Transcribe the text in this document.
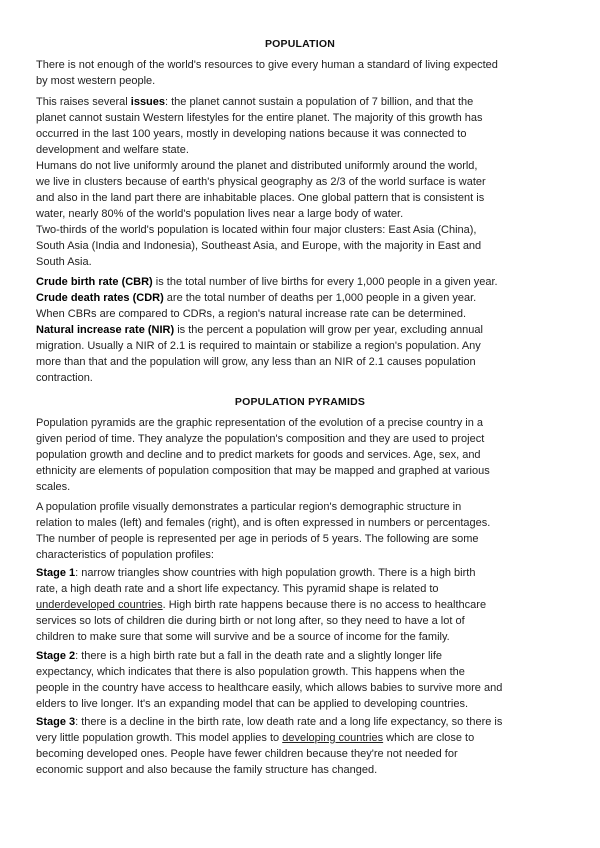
POPULATION
There is not enough of the world's resources to give every human a standard of living expected
by most western people.
This raises several issues: the planet cannot sustain a population of 7 billion, and that the
planet cannot sustain Western lifestyles for the entire planet. The majority of this growth has
occurred in the last 100 years, mostly in developing nations because it was connected to
development and welfare state.
Humans do not live uniformly around the planet and distributed uniformly around the world,
we live in clusters because of earth's physical geography as 2/3 of the world surface is water
and also in the land part there are inhabitable places. One global pattern that is consistent is
water, nearly 80% of the world's population lives near a large body of water.
Two-thirds of the world's population is located within four major clusters: East Asia (China),
South Asia (India and Indonesia), Southeast Asia, and Europe, with the majority in East and
South Asia.
Crude birth rate (CBR) is the total number of live births for every 1,000 people in a given year.
Crude death rates (CDR) are the total number of deaths per 1,000 people in a given year.
When CBRs are compared to CDRs, a region's natural increase rate can be determined.
Natural increase rate (NIR) is the percent a population will grow per year, excluding annual
migration. Usually a NIR of 2.1 is required to maintain or stabilize a region's population. Any
more than that and the population will grow, any less than an NIR of 2.1 causes population
contraction.
POPULATION PYRAMIDS
Population pyramids are the graphic representation of the evolution of a precise country in a
given period of time. They analyze the population's composition and they are used to project
population growth and decline and to predict markets for goods and services. Age, sex, and
ethnicity are elements of population composition that may be mapped and graphed at various
scales.
A population profile visually demonstrates a particular region's demographic structure in
relation to males (left) and females (right), and is often expressed in numbers or percentages.
The number of people is represented per age in periods of 5 years. The following are some
characteristics of population profiles:
Stage 1: narrow triangles show countries with high population growth. There is a high birth
rate, a high death rate and a short life expectancy. This pyramid shape is related to
underdeveloped countries. High birth rate happens because there is no access to healthcare
services so lots of children die during birth or not long after, so they need to have a lot of
children to make sure that some will survive and be a source of income for the family.
Stage 2: there is a high birth rate but a fall in the death rate and a slightly longer life
expectancy, which indicates that there is also population growth. This happens when the
people in the country have access to healthcare easily, which allows babies to survive more and
elders to live longer. It's an expanding model that can be applied to developing countries.
Stage 3: there is a decline in the birth rate, low death rate and a long life expectancy, so there is
very little population growth. This model applies to developing countries which are close to
becoming developed ones. People have fewer children because they're not needed for
economic support and also because the family structure has changed.
